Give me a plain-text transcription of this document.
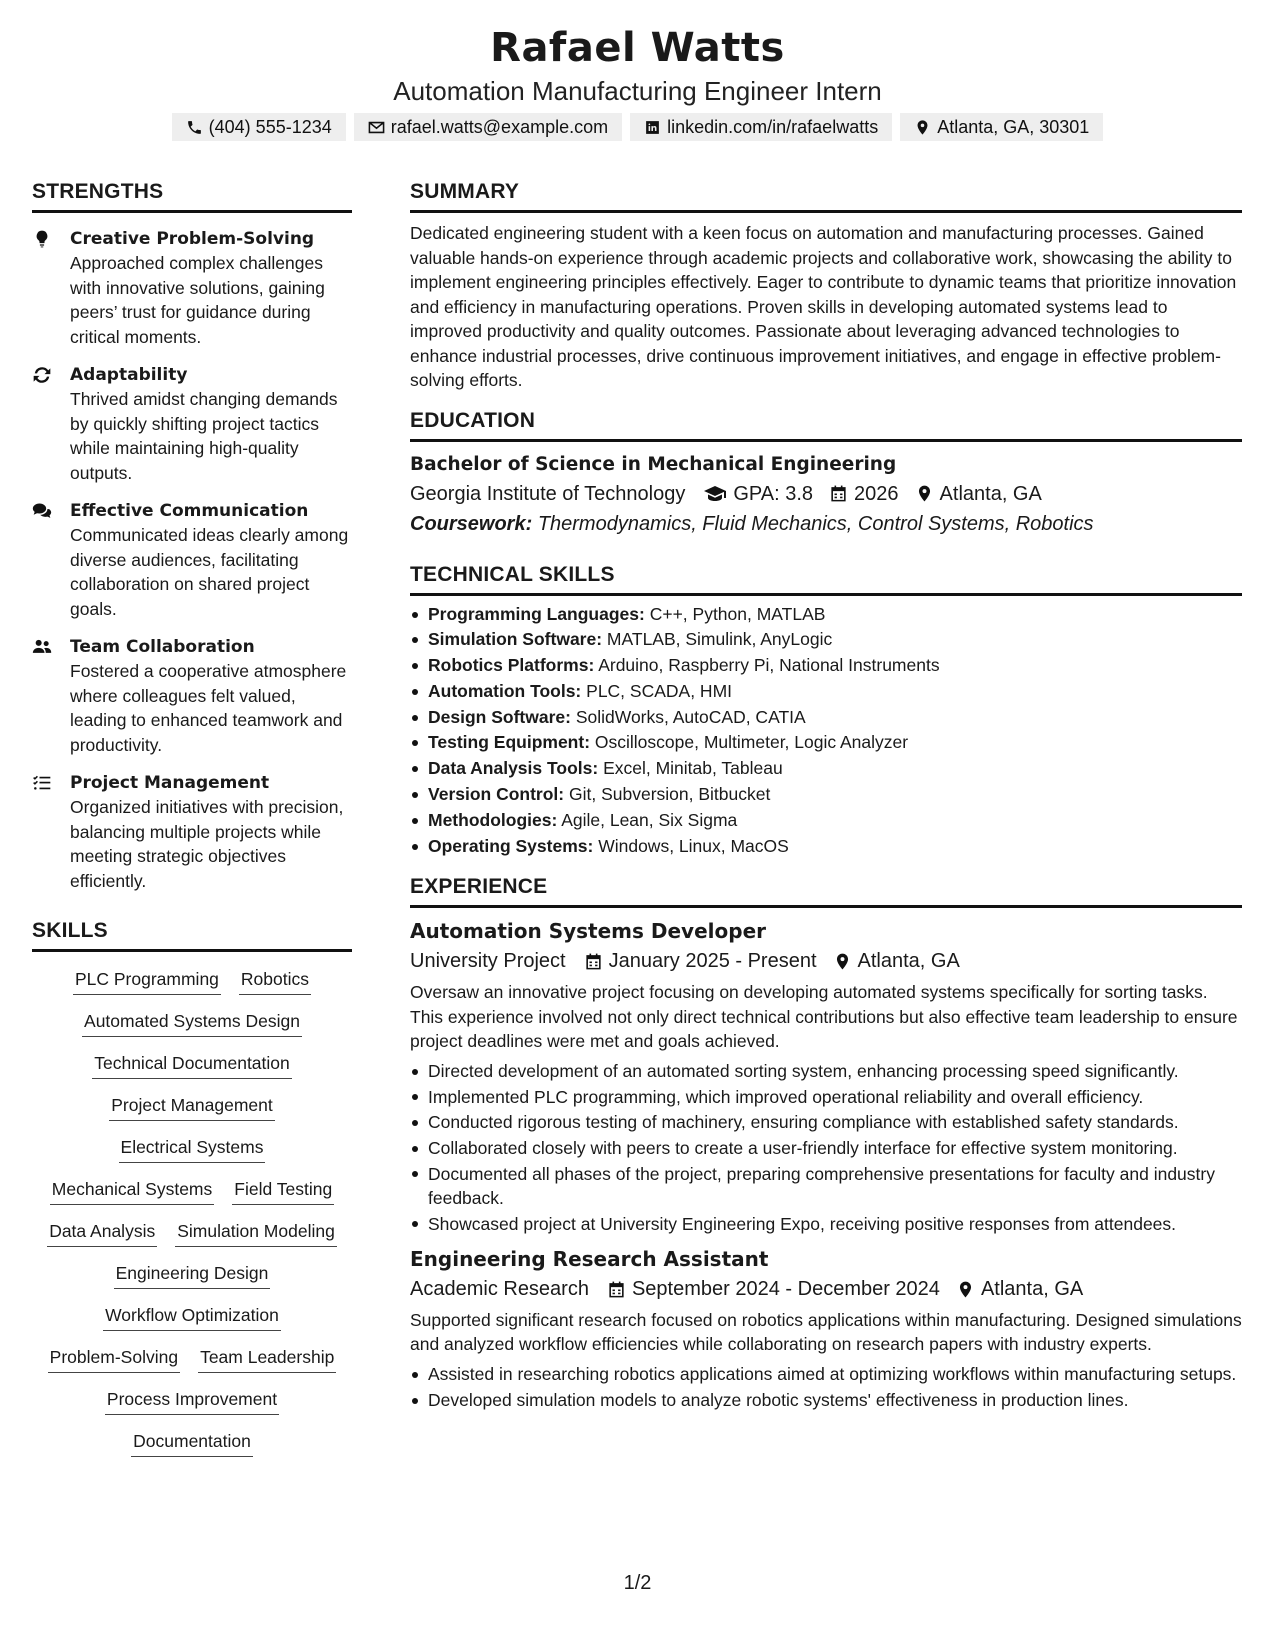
Rafael Watts
Automation Manufacturing Engineer Intern
(404) 555-1234	rafael.watts@example.com	linkedin.com/in/rafaelwatts	Atlanta, GA, 30301
STRENGTHS
Creative Problem-Solving
Approached complex challenges with innovative solutions, gaining peers’ trust for guidance during critical moments.
Adaptability
Thrived amidst changing demands by quickly shifting project tactics while maintaining high-quality outputs.
Effective Communication
Communicated ideas clearly among diverse audiences, facilitating collaboration on shared project goals.
Team Collaboration
Fostered a cooperative atmosphere where colleagues felt valued, leading to enhanced teamwork and productivity.
Project Management
Organized initiatives with precision, balancing multiple projects while meeting strategic objectives efficiently.
SKILLS
PLC Programming Robotics
Automated Systems Design
Technical Documentation
Project Management
Electrical Systems
Mechanical Systems Field Testing
Data Analysis Simulation Modeling
Engineering Design
Workflow Optimization
Problem-Solving Team Leadership
Process Improvement
Documentation
SUMMARY
Dedicated engineering student with a keen focus on automation and manufacturing processes. Gained valuable hands-on experience through academic projects and collaborative work, showcasing the ability to implement engineering principles effectively. Eager to contribute to dynamic teams that prioritize innovation and efficiency in manufacturing operations. Proven skills in developing automated systems lead to improved productivity and quality outcomes. Passionate about leveraging advanced technologies to enhance industrial processes, drive continuous improvement initiatives, and engage in effective problem-solving efforts.
EDUCATION
Bachelor of Science in Mechanical Engineering
Georgia Institute of Technology GPA: 3.8 2026 Atlanta, GA
Coursework: Thermodynamics, Fluid Mechanics, Control Systems, Robotics
TECHNICAL SKILLS
Programming Languages: C++, Python, MATLAB
Simulation Software: MATLAB, Simulink, AnyLogic
Robotics Platforms: Arduino, Raspberry Pi, National Instruments
Automation Tools: PLC, SCADA, HMI
Design Software: SolidWorks, AutoCAD, CATIA
Testing Equipment: Oscilloscope, Multimeter, Logic Analyzer
Data Analysis Tools: Excel, Minitab, Tableau
Version Control: Git, Subversion, Bitbucket
Methodologies: Agile, Lean, Six Sigma
Operating Systems: Windows, Linux, MacOS
EXPERIENCE
Automation Systems Developer
University Project January 2025 - Present Atlanta, GA
Oversaw an innovative project focusing on developing automated systems specifically for sorting tasks. This experience involved not only direct technical contributions but also effective team leadership to ensure project deadlines were met and goals achieved.
Directed development of an automated sorting system, enhancing processing speed significantly.
Implemented PLC programming, which improved operational reliability and overall efficiency.
Conducted rigorous testing of machinery, ensuring compliance with established safety standards.
Collaborated closely with peers to create a user-friendly interface for effective system monitoring.
Documented all phases of the project, preparing comprehensive presentations for faculty and industry feedback.
Showcased project at University Engineering Expo, receiving positive responses from attendees.
Engineering Research Assistant
Academic Research September 2024 - December 2024 Atlanta, GA
Supported significant research focused on robotics applications within manufacturing. Designed simulations and analyzed workflow efficiencies while collaborating on research papers with industry experts.
Assisted in researching robotics applications aimed at optimizing workflows within manufacturing setups.
Developed simulation models to analyze robotic systems' effectiveness in production lines.
1/2
